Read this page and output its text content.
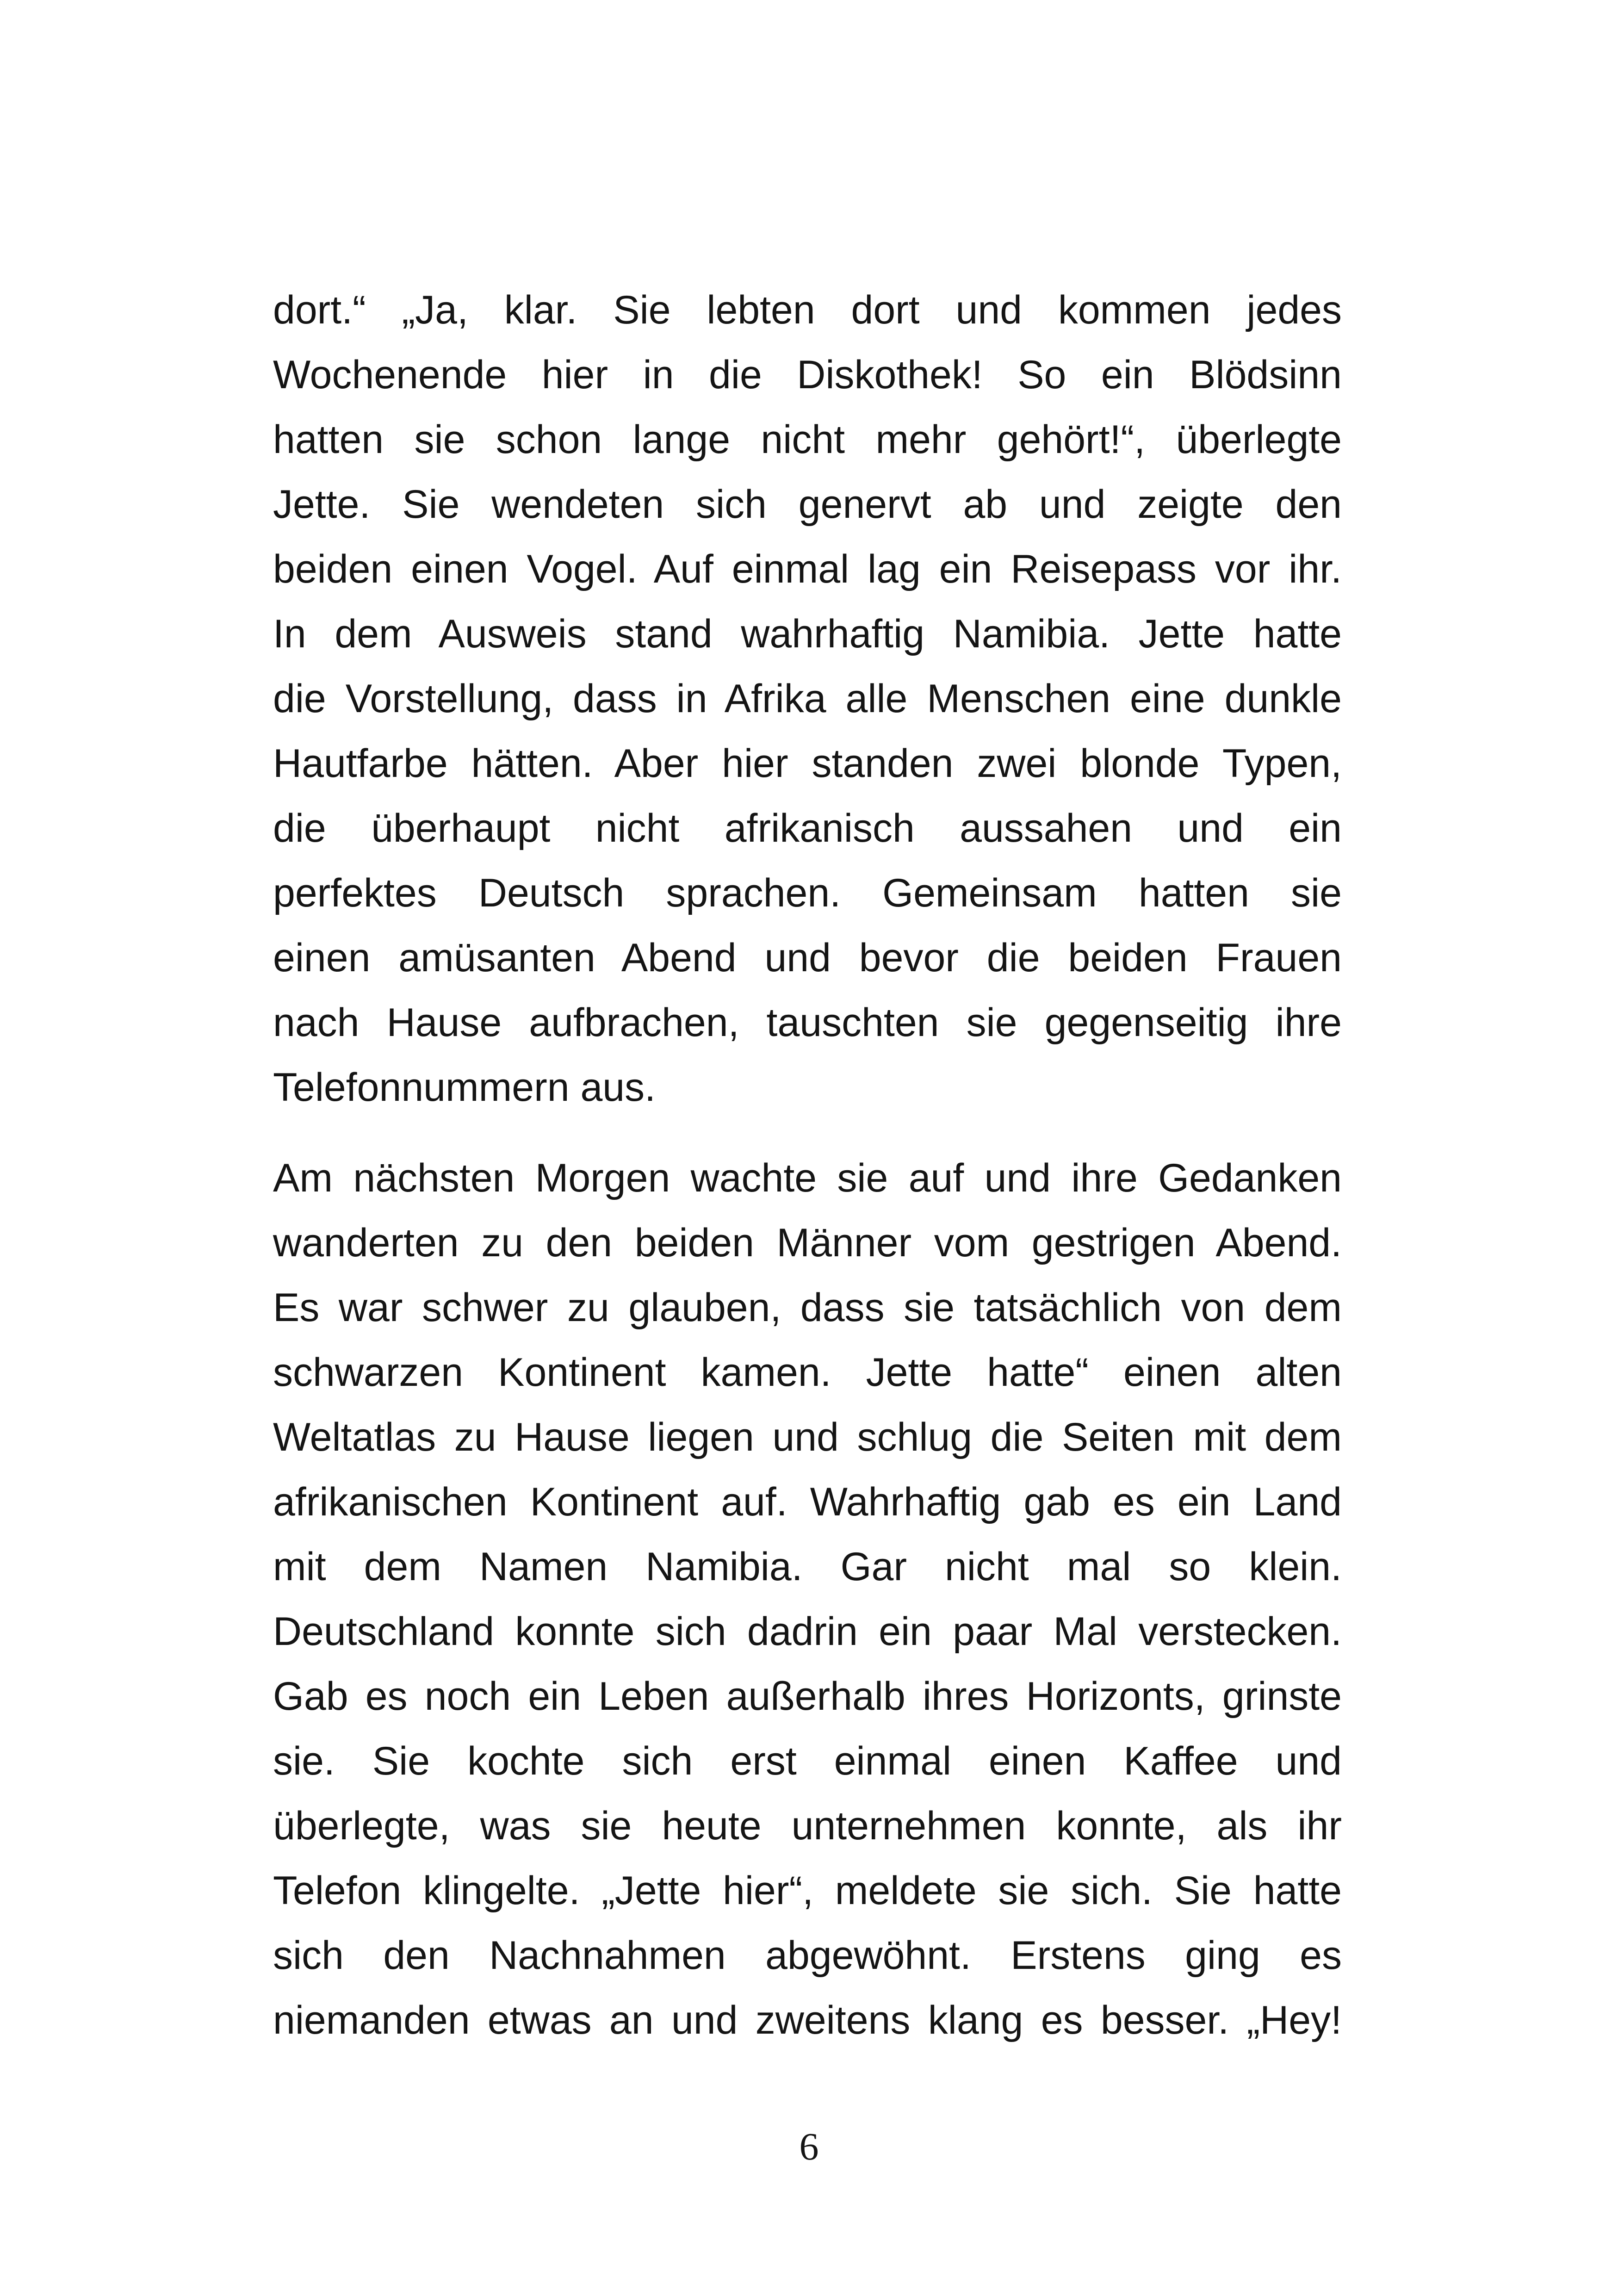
dort.“ „Ja, klar. Sie lebten dort und kommen jedes
Wochenende hier in die Diskothek! So ein Blödsinn
hatten sie schon lange nicht mehr gehört!“, überlegte
Jette. Sie wendeten sich genervt ab und zeigte den
beiden einen Vogel. Auf einmal lag ein Reisepass vor ihr.
In dem Ausweis stand wahrhaftig Namibia. Jette hatte
die Vorstellung, dass in Afrika alle Menschen eine dunkle
Hautfarbe hätten. Aber hier standen zwei blonde Typen,
die überhaupt nicht afrikanisch aussahen und ein
perfektes Deutsch sprachen. Gemeinsam hatten sie
einen amüsanten Abend und bevor die beiden Frauen
nach Hause aufbrachen, tauschten sie gegenseitig ihre
Telefonnummern aus.
Am nächsten Morgen wachte sie auf und ihre Gedanken
wanderten zu den beiden Männer vom gestrigen Abend.
Es war schwer zu glauben, dass sie tatsächlich von dem
schwarzen Kontinent kamen. Jette hatte“ einen alten
Weltatlas zu Hause liegen und schlug die Seiten mit dem
afrikanischen Kontinent auf. Wahrhaftig gab es ein Land
mit dem Namen Namibia. Gar nicht mal so klein.
Deutschland konnte sich dadrin ein paar Mal verstecken.
Gab es noch ein Leben außerhalb ihres Horizonts, grinste
sie. Sie kochte sich erst einmal einen Kaffee und
überlegte, was sie heute unternehmen konnte, als ihr
Telefon klingelte. „Jette hier“, meldete sie sich. Sie hatte
sich den Nachnahmen abgewöhnt. Erstens ging es
niemanden etwas an und zweitens klang es besser. „Hey!
6
